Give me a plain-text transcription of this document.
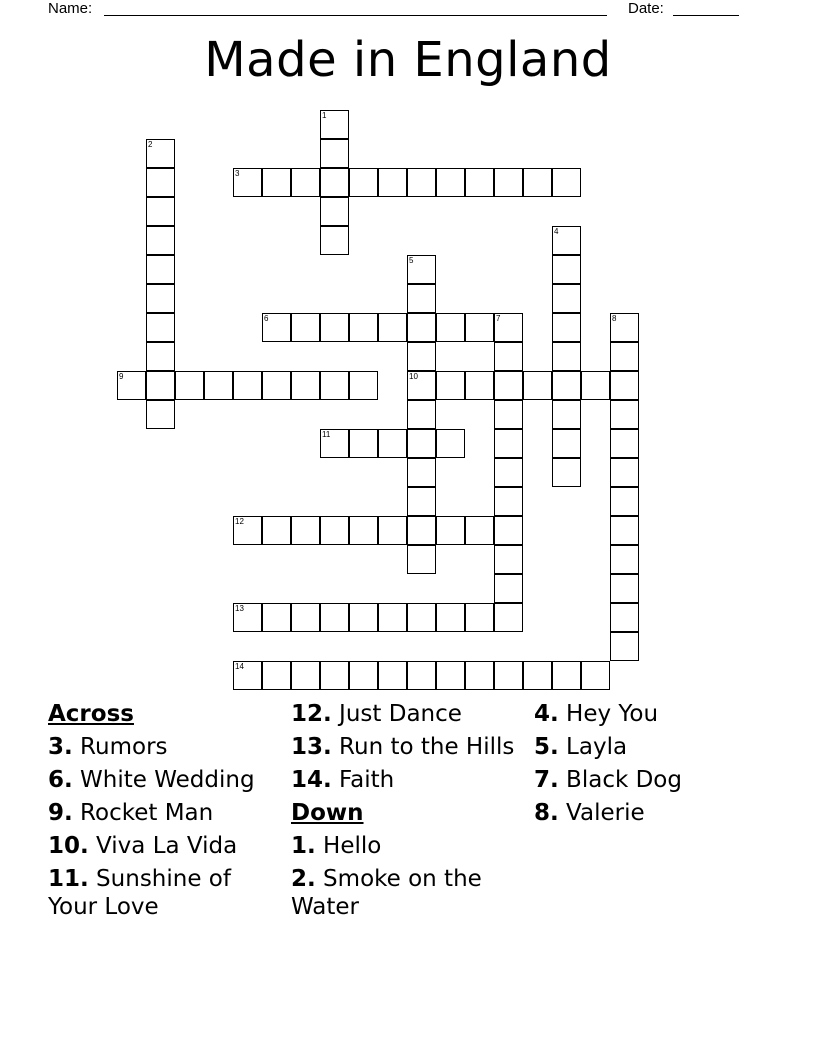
Name:	Date:
Made in England
1
2
3
4
5
10
6	7	8
9
11
12
13
14
Across
3. Rumors
6. White Wedding
9. Rocket Man
10. Viva La Vida
11. Sunshine of Your Love
12. Just Dance
13. Run to the Hills
14. Faith
Down
1. Hello
2. Smoke on the Water
4. Hey You
5. Layla
7. Black Dog
8. Valerie
